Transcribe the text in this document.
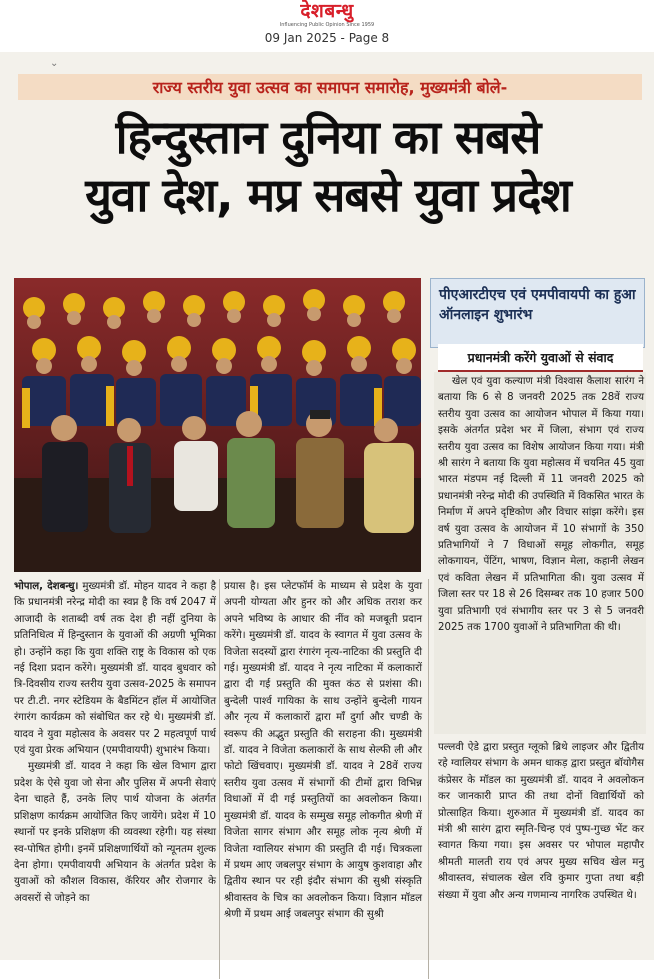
देशबन्धु
Influencing Public Opinion Since 1959
09 Jan 2025 - Page 8
⌄
राज्य स्तरीय युवा उत्सव का समापन समारोह, मुख्यमंत्री बोले-
हिन्दुस्तान दुनिया का सबसे
युवा देश, मप्र सबसे युवा प्रदेश
पीएआरटीएच एवं एमपीवायपी का हुआ ऑनलाइन शुभारंभ
प्रधानमंत्री करेंगे युवाओं से संवाद

भोपाल, देशबन्धु। मुख्यमंत्री डॉ. मोहन यादव ने कहा है कि प्रधानमंत्री नरेन्द्र मोदी का स्वप्न है कि वर्ष 2047 में आजादी के शताब्दी वर्ष तक देश ही नहीं दुनिया के प्रतिनिधित्व में हिन्दुस्तान के युवाओं की अग्रणी भूमिका हो। उन्होंने कहा कि युवा शक्ति राष्ट्र के विकास को एक नई दिशा प्रदान करेंगे। मुख्यमंत्री डॉ. यादव बुधवार को त्रि-दिवसीय राज्य स्तरीय युवा उत्सव-2025 के समापन पर टी.टी. नगर स्टेडियम के बैडमिंटन हॉल में आयोजित रंगारंग कार्यक्रम को संबोधित कर रहे थे। मुख्यमंत्री डॉ. यादव ने युवा महोत्सव के अवसर पर 2 महत्वपूर्ण पार्थ एवं युवा प्रेरक अभियान (एमपीवायपी) शुभारंभ किया।

मुख्यमंत्री डॉ. यादव ने कहा कि खेल विभाग द्वारा प्रदेश के ऐसे युवा जो सेना और पुलिस में अपनी सेवाएं देना चाहते हैं, उनके लिए पार्थ योजना के अंतर्गत प्रशिक्षण कार्यक्रम आयोजित किए जायेंगे। प्रदेश में 10 स्थानों पर इनके प्रशिक्षण की व्यवस्था रहेगी। यह संस्था स्व-पोषित होगी। इनमें प्रशिक्षणार्थियों को न्यूनतम शुल्क देना होगा। एमपीवायपी अभियान के अंतर्गत प्रदेश के युवाओं को कौशल विकास, कॅरियर और रोजगार के अवसरों से जोड़ने का

प्रयास है। इस प्लेटफॉर्म के माध्यम से प्रदेश के युवा अपनी योग्यता और हुनर को और अधिक तराश कर अपने भविष्य के आधार की नींव को मजबूती प्रदान करेंगे। मुख्यमंत्री डॉ. यादव के स्वागत में युवा उत्सव के विजेता सदस्यों द्वारा रंगारंग नृत्य-नाटिका की प्रस्तुति दी गई। मुख्यमंत्री डॉ. यादव ने नृत्य नाटिका में कलाकारों द्वारा दी गई प्रस्तुति की मुक्त कंठ से प्रशंसा की। बुन्देली पार्श्व गायिका के साथ उन्होंने बुन्देली गायन और नृत्य में कलाकारों द्वारा माँ दुर्गा और चण्डी के स्वरूप की अद्भुत प्रस्तुति की सराहना की। मुख्यमंत्री डॉ. यादव ने विजेता कलाकारों के साथ सेल्फी ली और फोटो खिंचवाए। मुख्यमंत्री डॉ. यादव ने 28वें राज्य स्तरीय युवा उत्सव में संभागों की टीमों द्वारा विभिन्न विधाओं में दी गई प्रस्तुतियों का अवलोकन किया। मुख्यमंत्री डॉ. यादव के सम्मुख समूह लोकगीत श्रेणी में विजेता सागर संभाग और समूह लोक नृत्य श्रेणी में विजेता ग्वालियर संभाग की प्रस्तुति दी गई। चित्रकला में प्रथम आए जबलपुर संभाग के आयुष कुशवाहा और द्वितीय स्थान पर रही इंदौर संभाग की सुश्री संस्कृति श्रीवास्तव के चित्र का अवलोकन किया। विज्ञान मॉडल श्रेणी में प्रथम आई जबलपुर संभाग की सुश्री

खेल एवं युवा कल्याण मंत्री विश्वास कैलाश सारंग ने बताया कि 6 से 8 जनवरी 2025 तक 28वें राज्य स्तरीय युवा उत्सव का आयोजन भोपाल में किया गया। इसके अंतर्गत प्रदेश भर में जिला, संभाग एवं राज्य स्तरीय युवा उत्सव का विशेष आयोजन किया गया। मंत्री श्री सारंग ने बताया कि युवा महोत्सव में चयनित 45 युवा भारत मंडपम नई दिल्ली में 11 जनवरी 2025 को प्रधानमंत्री नरेन्द्र मोदी की उपस्थिति में विकसित भारत के निर्माण में अपने दृष्टिकोण और विचार सांझा करेंगे। इस वर्ष युवा उत्सव के आयोजन में 10 संभागों के 350 प्रतिभागियों ने 7 विधाओं समूह लोकगीत, समूह लोकगायन, पेंटिंग, भाषण, विज्ञान मेला, कहानी लेखन एवं कविता लेखन में प्रतिभागिता की। युवा उत्सव में जिला स्तर पर 18 से 26 दिसम्बर तक 10 हजार 500 युवा प्रतिभागी एवं संभागीय स्तर पर 3 से 5 जनवरी 2025 तक 1700 युवाओं ने प्रतिभागिता की थी।

पल्लवी ऐडे द्वारा प्रस्तुत ग्लूको ब्रिथे लाइजर और द्वितीय रहे ग्वालियर संभाग के अमन धाकड़ द्वारा प्रस्तुत बॉयोगैस कंप्रेसर के मॉडल का मुख्यमंत्री डॉ. यादव ने अवलोकन कर जानकारी प्राप्त की तथा दोनों विद्यार्थियों को प्रोत्साहित किया। शुरुआत में मुख्यमंत्री डॉ. यादव का मंत्री श्री सारंग द्वारा स्मृति-चिन्ह एवं पुष्प-गुच्छ भेंट कर स्वागत किया गया। इस अवसर पर भोपाल महापौर श्रीमती मालती राय एवं अपर मुख्य सचिव खेल मनु श्रीवास्तव, संचालक खेल रवि कुमार गुप्ता तथा बड़ी संख्या में युवा और अन्य गणमान्य नागरिक उपस्थित थे।
